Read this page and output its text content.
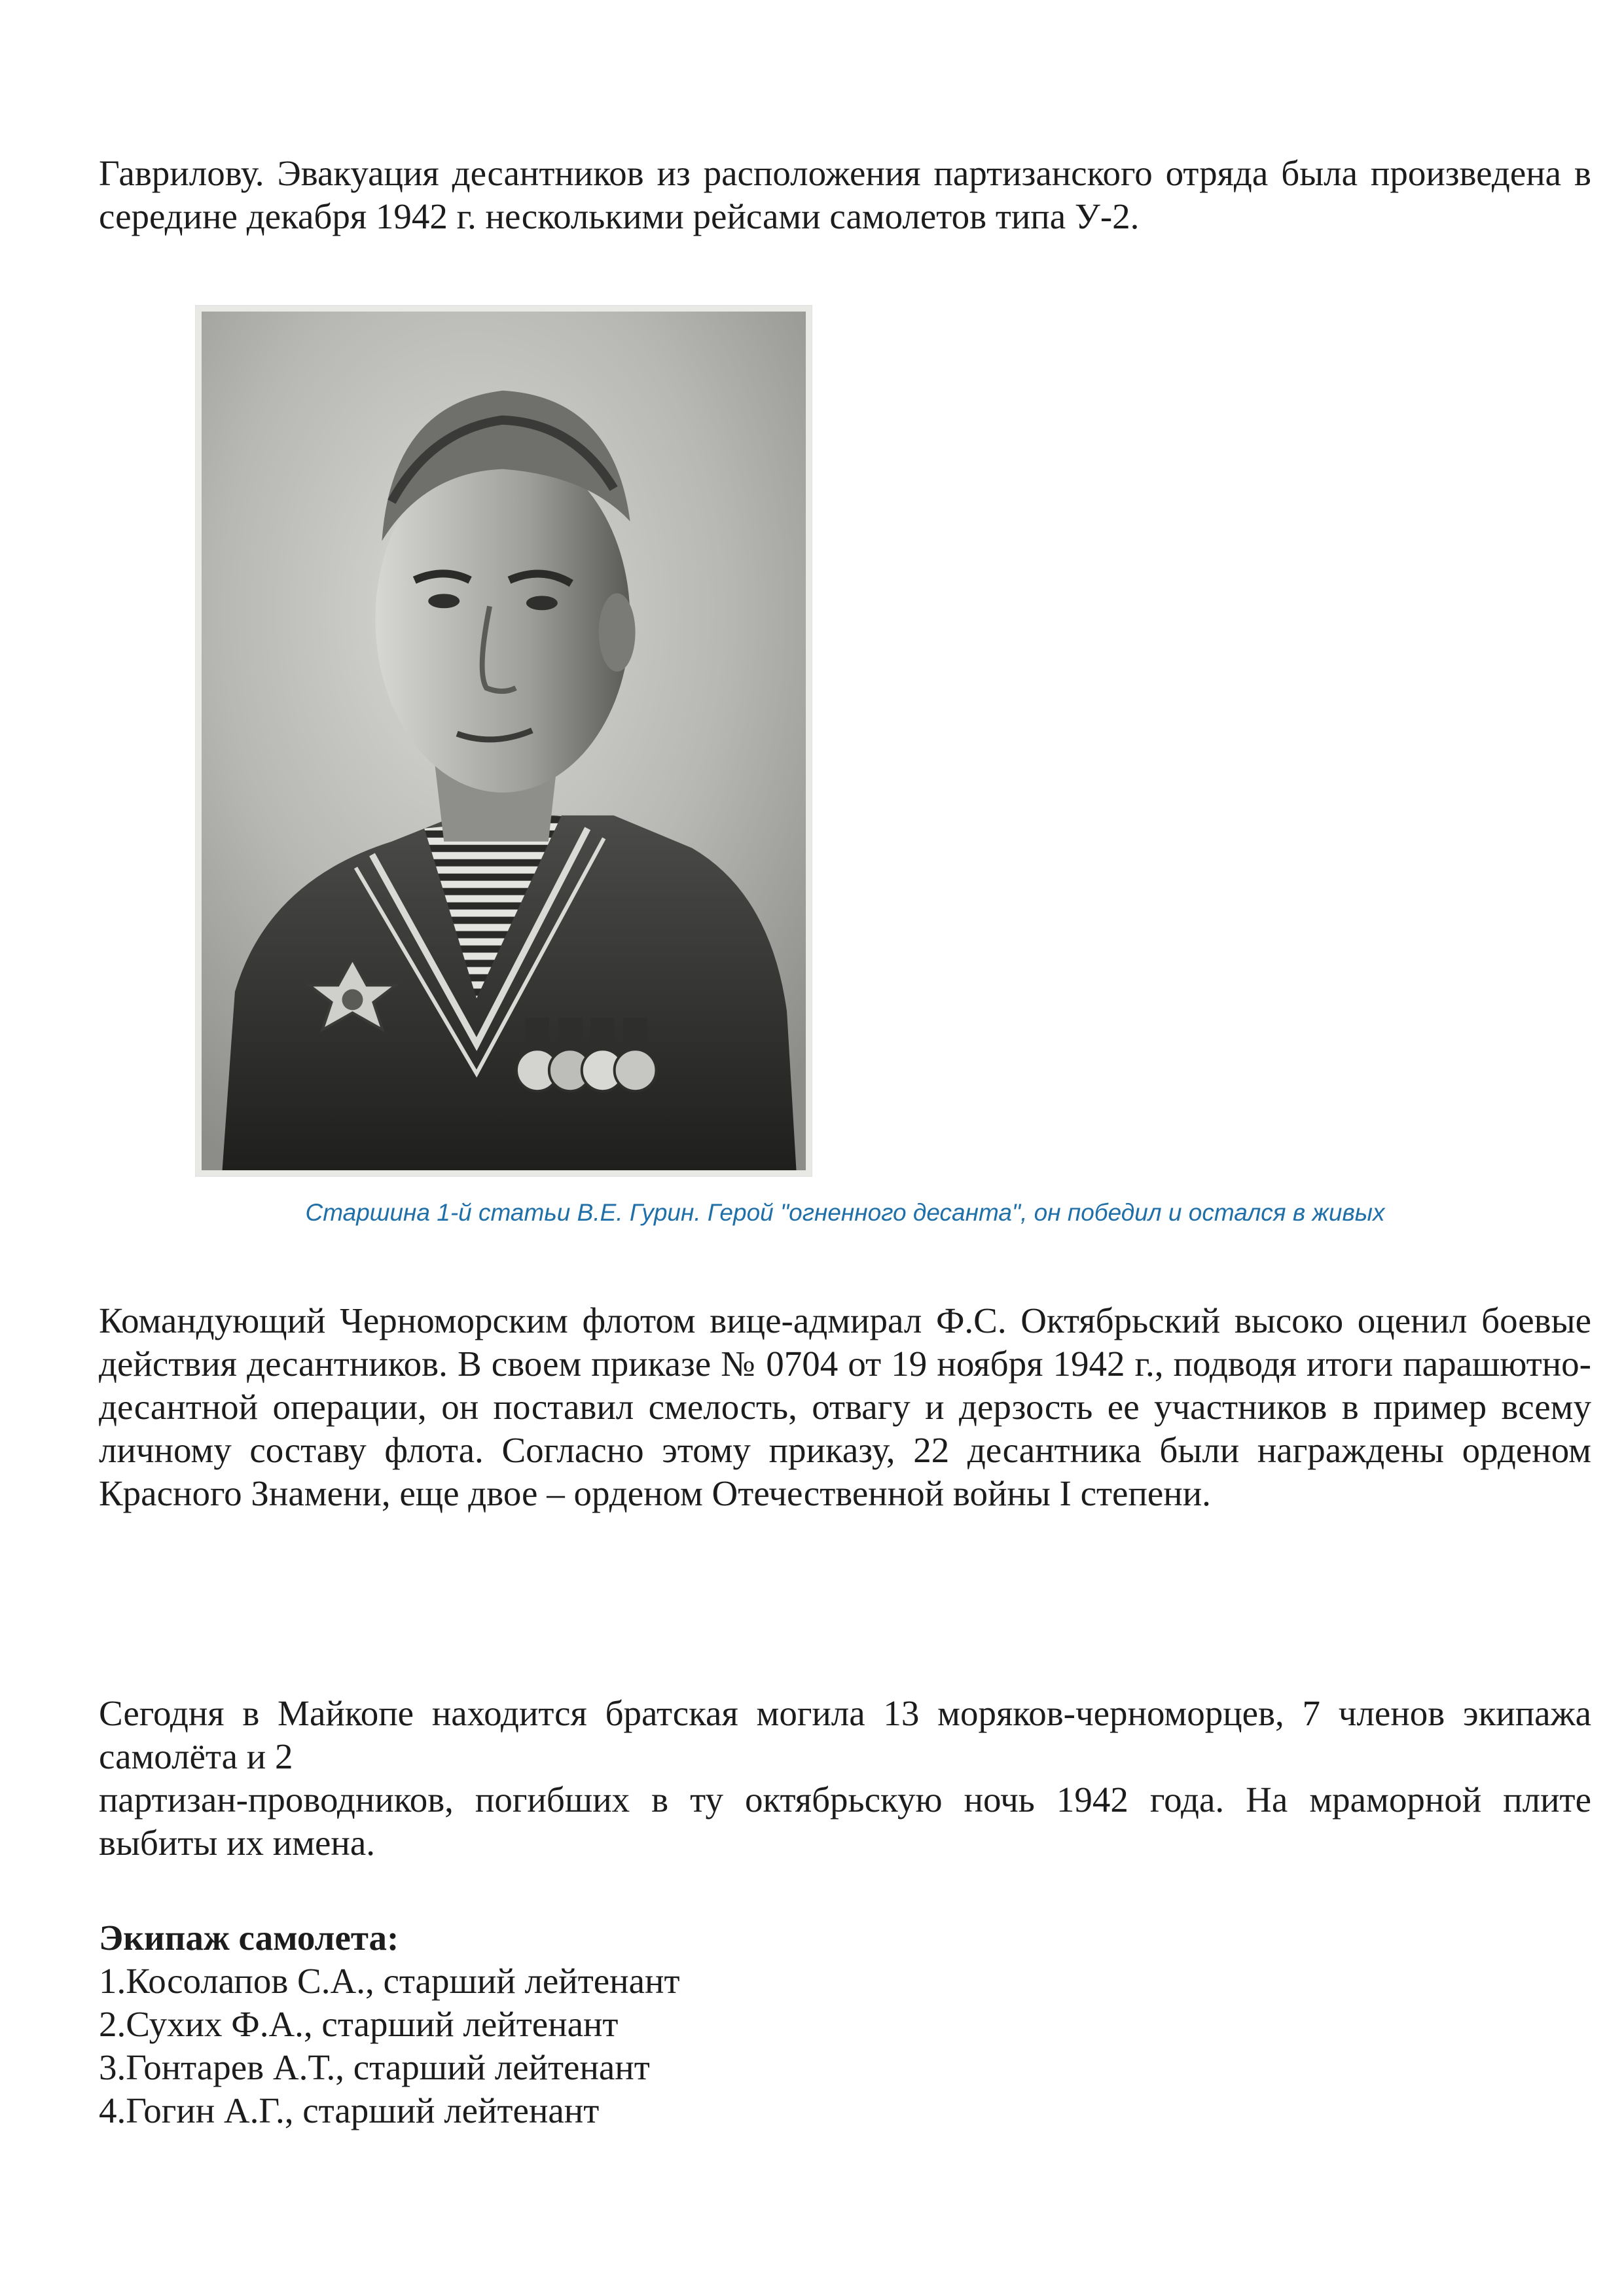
Гаврилову. Эвакуация десантников из расположения партизанского отряда была произведена в середине декабря 1942 г. несколькими рейсами самолетов типа У-2.

Старшина 1-й статьи В.Е. Гурин. Герой "огненного десанта", он победил и остался в живых

Командующий Черноморским флотом вице-адмирал Ф.С. Октябрьский высоко оценил боевые действия десантников. В своем приказе № 0704 от 19 ноября 1942 г., подводя итоги парашютно-десантной операции, он поставил смелость, отвагу и дерзость ее участников в пример всему личному составу флота. Согласно этому приказу, 22 десантника были награждены орденом Красного Знамени, еще двое – орденом Отечественной войны I степени.

Сегодня в Майкопе находится братская могила 13 моряков-черноморцев, 7 членов экипажа самолёта и 2

партизан-проводников, погибших в ту октябрьскую ночь 1942 года. На мраморной плите выбиты их имена.

Экипаж самолета:

1.Косолапов С.А., старший лейтенант
2.Сухих Ф.А., старший лейтенант
3.Гонтарев А.Т., старший лейтенант
4.Гогин А.Г., старший лейтенант
